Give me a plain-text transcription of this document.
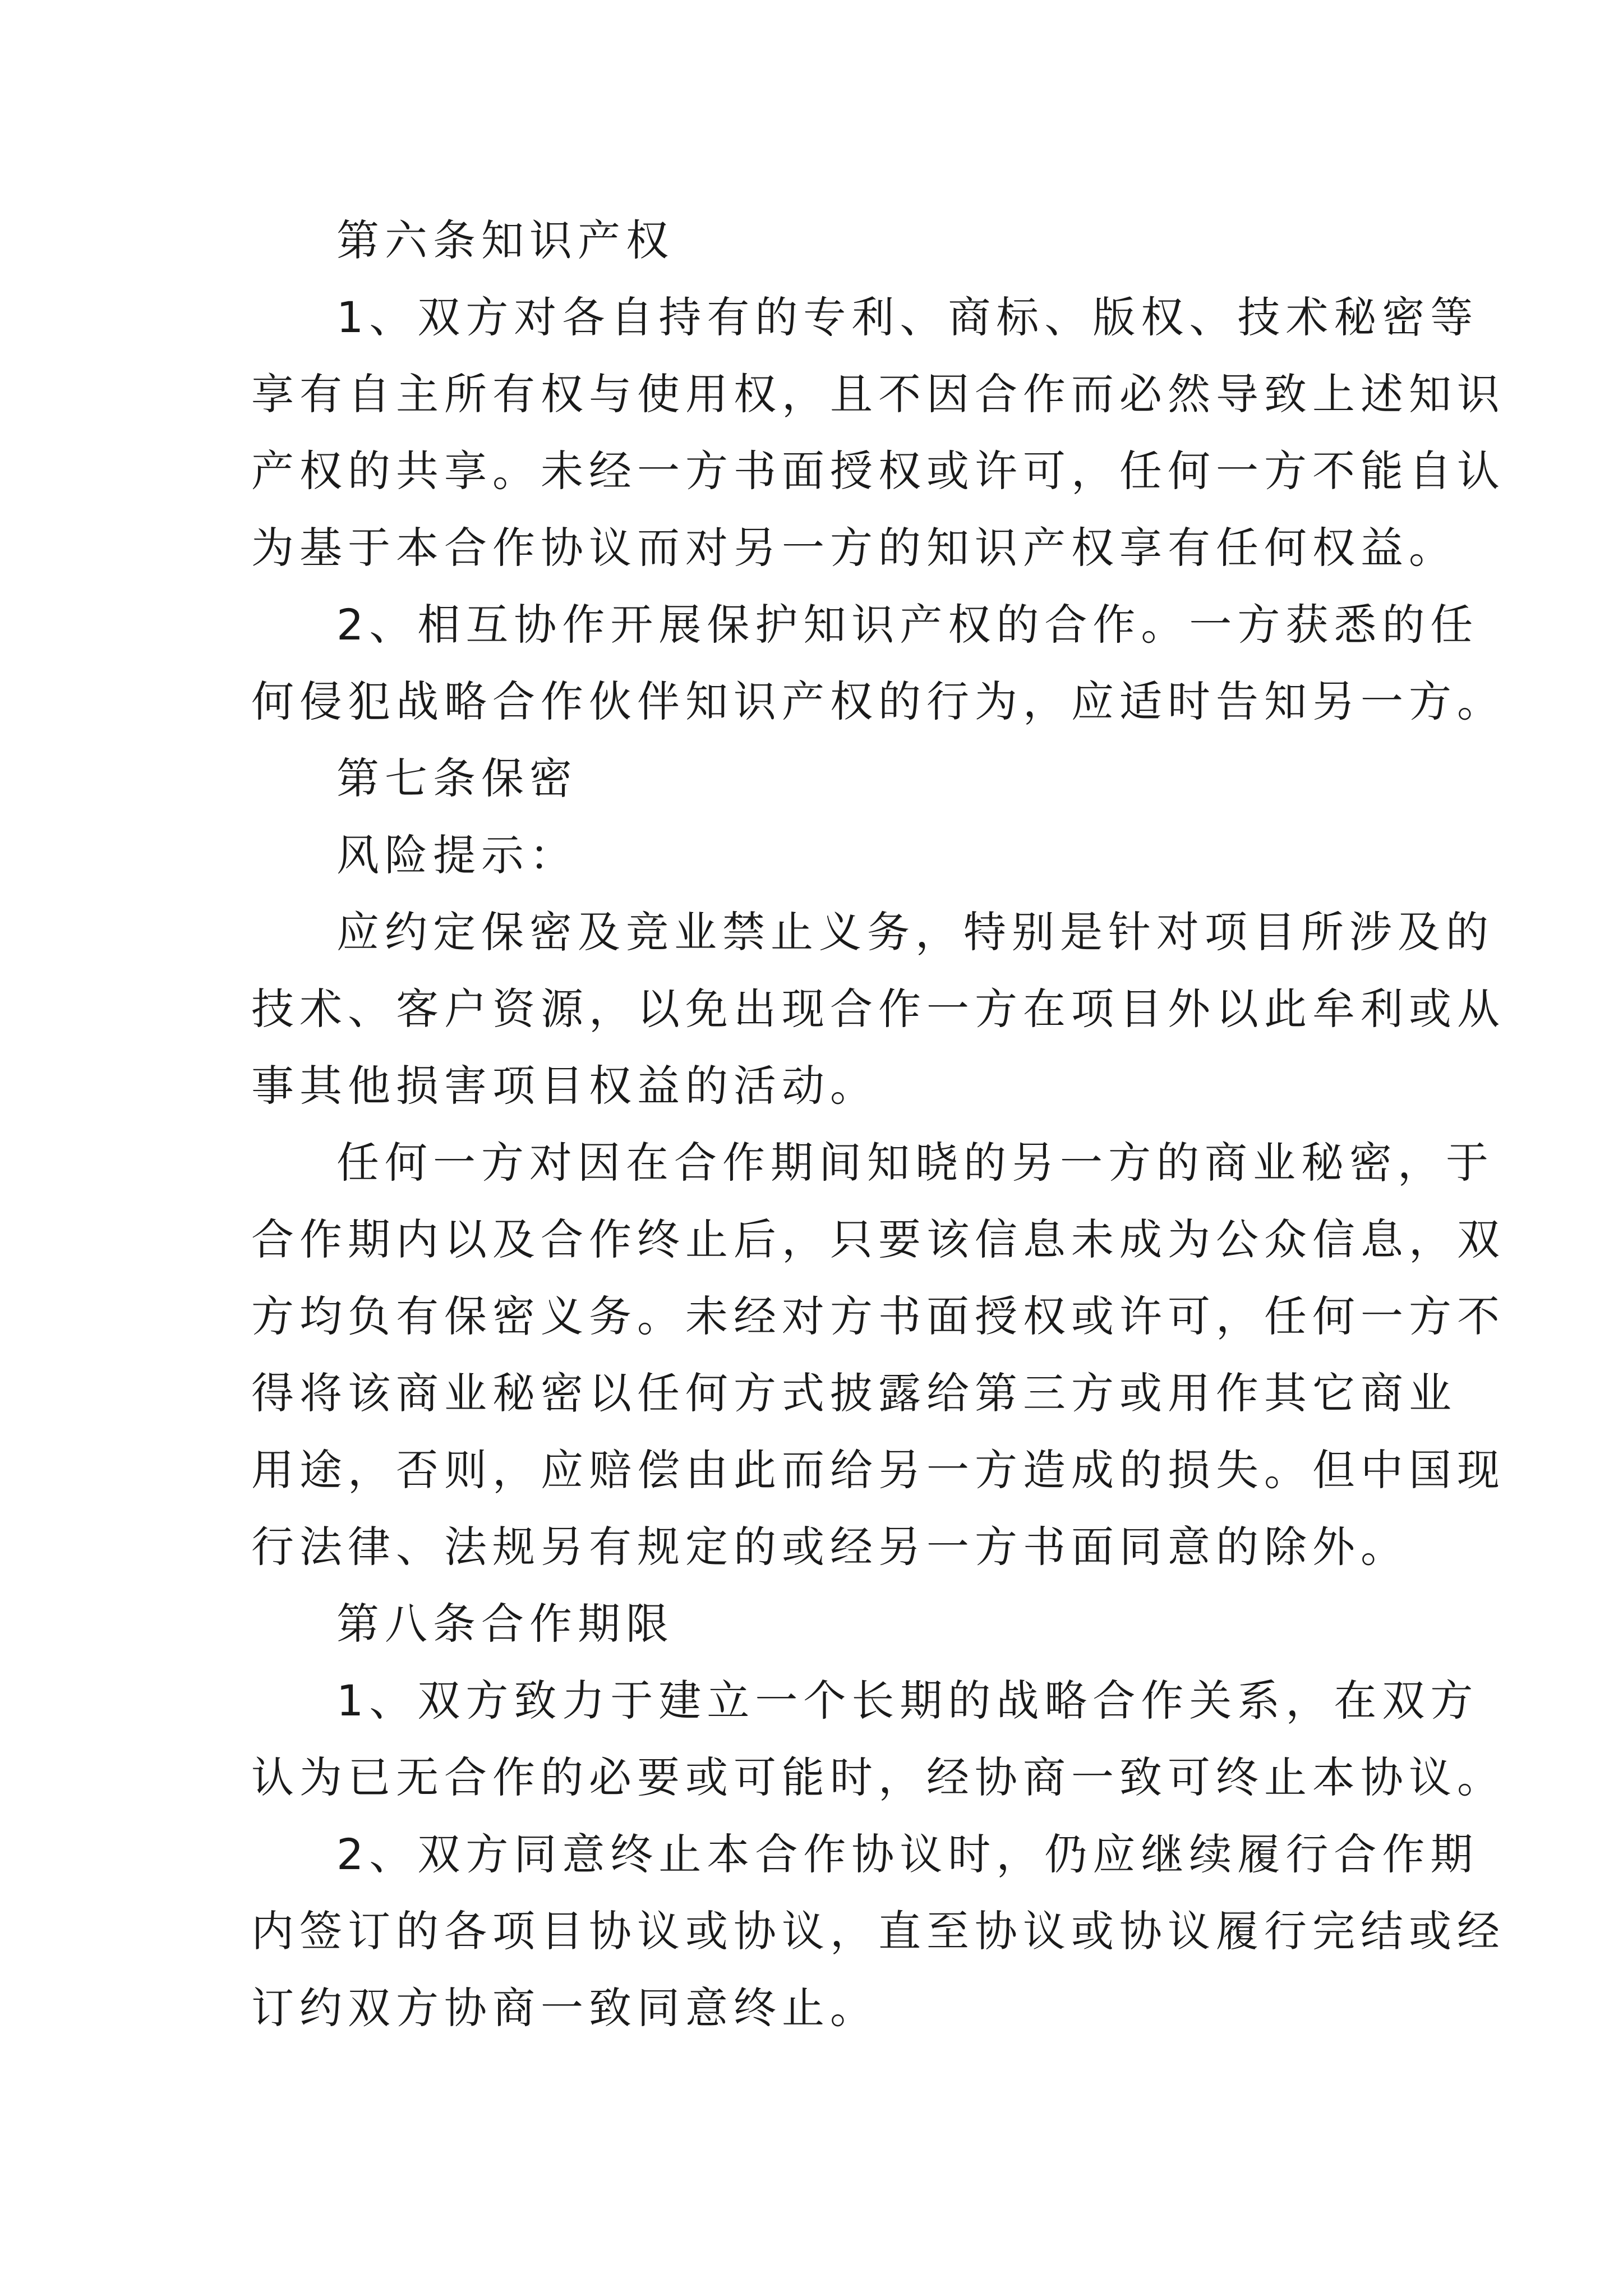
第六条知识产权

1、双方对各自持有的专利、商标、版权、技术秘密等
享有自主所有权与使用权，且不因合作而必然导致上述知识
产权的共享。未经一方书面授权或许可，任何一方不能自认
为基于本合作协议而对另一方的知识产权享有任何权益。

2、相互协作开展保护知识产权的合作。一方获悉的任
何侵犯战略合作伙伴知识产权的行为，应适时告知另一方。

第七条保密

风险提示：

应约定保密及竞业禁止义务，特别是针对项目所涉及的
技术、客户资源，以免出现合作一方在项目外以此牟利或从
事其他损害项目权益的活动。

任何一方对因在合作期间知晓的另一方的商业秘密，于
合作期内以及合作终止后，只要该信息未成为公众信息，双
方均负有保密义务。未经对方书面授权或许可，任何一方不
得将该商业秘密以任何方式披露给第三方或用作其它商业
用途，否则，应赔偿由此而给另一方造成的损失。但中国现
行法律、法规另有规定的或经另一方书面同意的除外。

第八条合作期限

1、双方致力于建立一个长期的战略合作关系，在双方
认为已无合作的必要或可能时，经协商一致可终止本协议。

2、双方同意终止本合作协议时，仍应继续履行合作期
内签订的各项目协议或协议，直至协议或协议履行完结或经
订约双方协商一致同意终止。
